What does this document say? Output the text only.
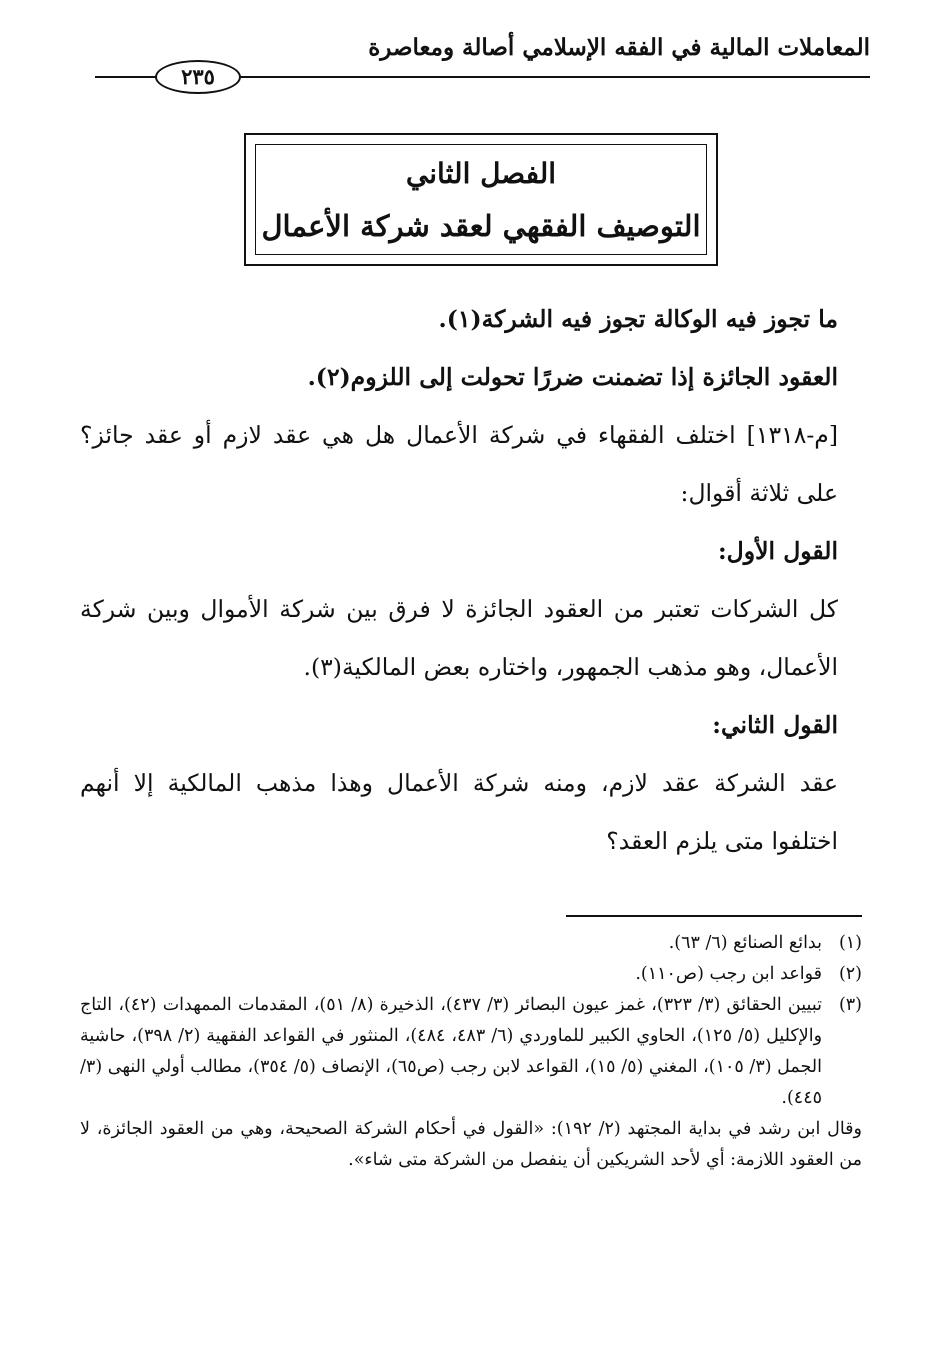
المعاملات المالية في الفقه الإسلامي أصالة ومعاصرة
٢٣٥
الفصل الثاني
التوصيف الفقهي لعقد شركة الأعمال

ما تجوز فيه الوكالة تجوز فيه الشركة(١).

العقود الجائزة إذا تضمنت ضررًا تحولت إلى اللزوم(٢).

[م-١٣١٨] اختلف الفقهاء في شركة الأعمال هل هي عقد لازم أو عقد جائز؟ على ثلاثة أقوال:

القول الأول:

كل الشركات تعتبر من العقود الجائزة لا فرق بين شركة الأموال وبين شركة الأعمال، وهو مذهب الجمهور، واختاره بعض المالكية(٣).

القول الثاني:

عقد الشركة عقد لازم، ومنه شركة الأعمال وهذا مذهب المالكية إلا أنهم اختلفوا متى يلزم العقد؟

(١)
بدائع الصنائع (٦/ ٦٣).
(٢)
قواعد ابن رجب (ص١١٠).
(٣)
تبيين الحقائق (٣/ ٣٢٣)، غمز عيون البصائر (٣/ ٤٣٧)، الذخيرة (٨/ ٥١)، المقدمات الممهدات (٤٢)، التاج والإكليل (٥/ ١٢٥)، الحاوي الكبير للماوردي (٦/ ٤٨٣، ٤٨٤)، المنثور في القواعد الفقهية (٢/ ٣٩٨)، حاشية الجمل (٣/ ١٠٥)، المغني (٥/ ١٥)، القواعد لابن رجب (ص٦٥)، الإنصاف (٥/ ٣٥٤)، مطالب أولي النهى (٣/ ٤٤٥).

وقال ابن رشد في بداية المجتهد (٢/ ١٩٢): «القول في أحكام الشركة الصحيحة، وهي من العقود الجائزة، لا من العقود اللازمة: أي لأحد الشريكين أن ينفصل من الشركة متى شاء».
